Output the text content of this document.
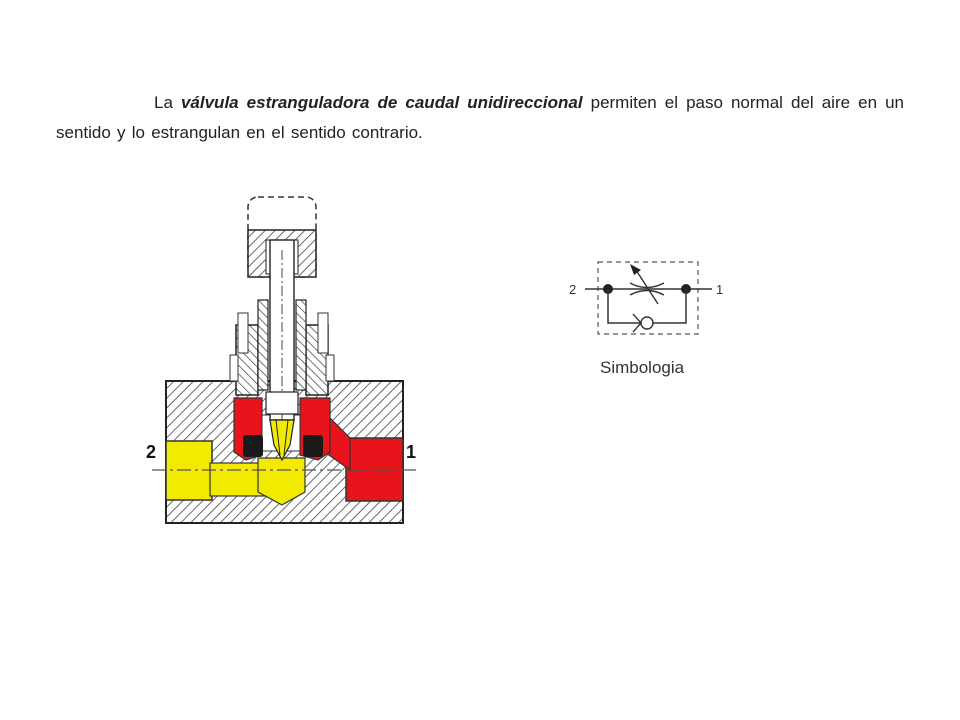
La válvula estranguladora de caudal unidireccional permiten el paso normal del aire en un sentido y lo estrangulan en el sentido contrario.

2	1
2	1
Simbologia
